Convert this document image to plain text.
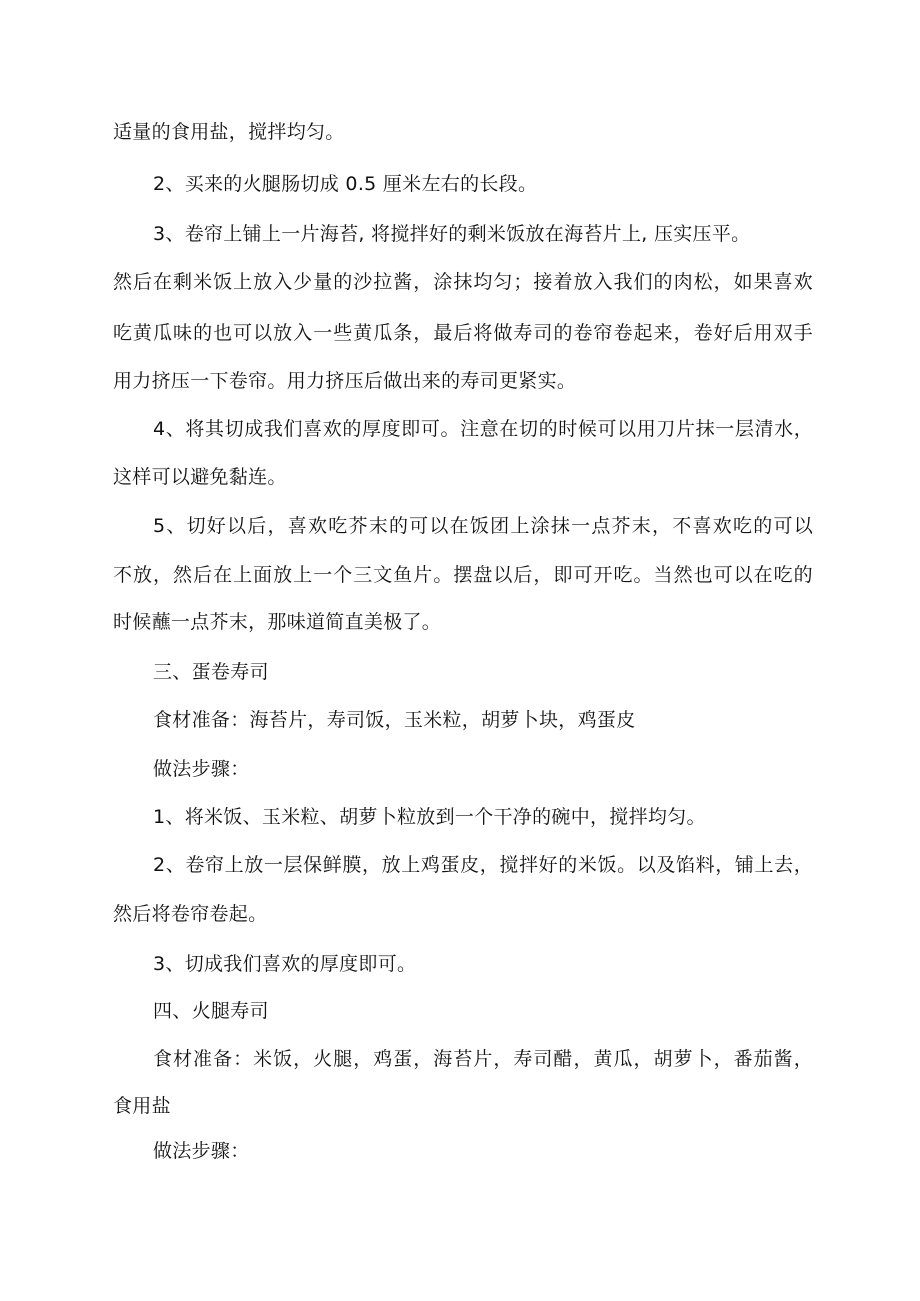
适量的食用盐，搅拌均匀。
2、买来的火腿肠切成 0.5 厘米左右的长段。
3、卷帘上铺上一片海苔, 将搅拌好的剩米饭放在海苔片上, 压实压平。
然后在剩米饭上放入少量的沙拉酱，涂抹均匀；接着放入我们的肉松，如果喜欢
吃黄瓜味的也可以放入一些黄瓜条，最后将做寿司的卷帘卷起来，卷好后用双手
用力挤压一下卷帘。用力挤压后做出来的寿司更紧实。
4、将其切成我们喜欢的厚度即可。注意在切的时候可以用刀片抹一层清水，
这样可以避免黏连。
5、切好以后，喜欢吃芥末的可以在饭团上涂抹一点芥末，不喜欢吃的可以
不放，然后在上面放上一个三文鱼片。摆盘以后，即可开吃。当然也可以在吃的
时候蘸一点芥末，那味道简直美极了。
三、蛋卷寿司
食材准备：海苔片，寿司饭，玉米粒，胡萝卜块，鸡蛋皮
做法步骤：
1、将米饭、玉米粒、胡萝卜粒放到一个干净的碗中，搅拌均匀。
2、卷帘上放一层保鲜膜，放上鸡蛋皮，搅拌好的米饭。以及馅料，铺上去，
然后将卷帘卷起。
3、切成我们喜欢的厚度即可。
四、火腿寿司
食材准备：米饭，火腿，鸡蛋，海苔片，寿司醋，黄瓜，胡萝卜，番茄酱，
食用盐
做法步骤：
